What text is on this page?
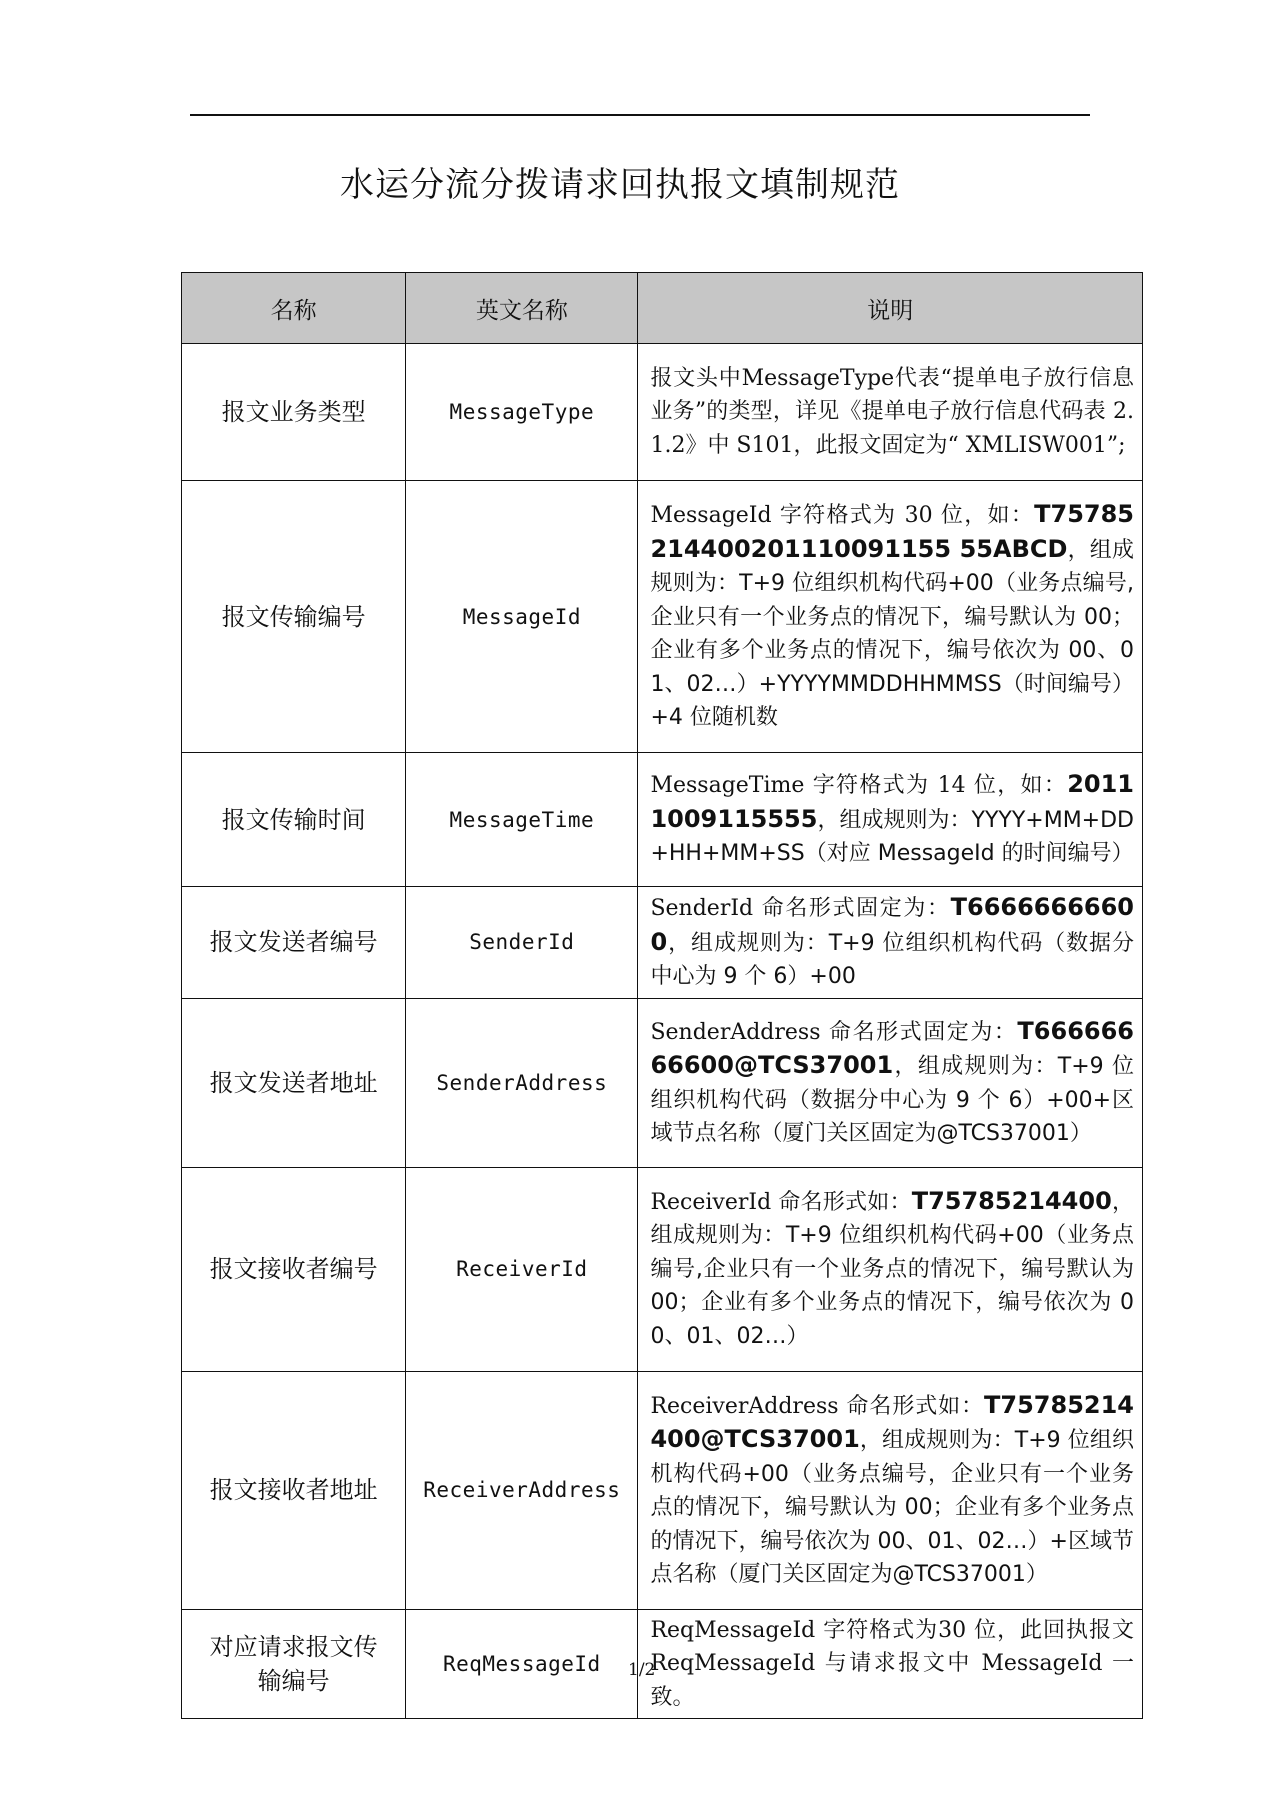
水运分流分拨请求回执报文填制规范
名称	英文名称	说明
报文业务类型	MessageType	报文头中MessageType代表“提单电子放行信息业务”的类型，详见《提单电子放行信息代码表 2.1.2》中 S101，此报文固定为“ XMLISW001”;
报文传输编号	MessageId	MessageId 字符格式为 30 位，如：T75785214400201110091155 55ABCD，组成规则为：T+9 位组织机构代码+00（业务点编号,企业只有一个业务点的情况下，编号默认为 00；企业有多个业务点的情况下，编号依次为 00、01、02…）+YYYYMMDDHHMMSS（时间编号）+4 位随机数
报文传输时间	MessageTime	MessageTime 字符格式为 14 位，如：20111009115555，组成规则为：YYYY+MM+DD+HH+MM+SS（对应 MessageId 的时间编号）
报文发送者编号	SenderId	SenderId 命名形式固定为：T66666666600，组成规则为：T+9 位组织机构代码（数据分中心为 9 个 6）+00
报文发送者地址	SenderAddress	SenderAddress 命名形式固定为：T66666666600@TCS37001，组成规则为：T+9 位组织机构代码（数据分中心为 9 个 6）+00+区域节点名称（厦门关区固定为@TCS37001）
报文接收者编号	ReceiverId	ReceiverId 命名形式如：T75785214400，组成规则为：T+9 位组织机构代码+00（业务点编号,企业只有一个业务点的情况下，编号默认为 00；企业有多个业务点的情况下，编号依次为 00、01、02…）
报文接收者地址	ReceiverAddress	ReceiverAddress 命名形式如：T75785214400@TCS37001，组成规则为：T+9 位组织机构代码+00（业务点编号，企业只有一个业务点的情况下，编号默认为 00；企业有多个业务点的情况下，编号依次为 00、01、02…）+区域节点名称（厦门关区固定为@TCS37001）
对应请求报文传输编号	ReqMessageId	ReqMessageId 字符格式为30 位，此回执报文 ReqMessageId 与请求报文中 MessageId 一致。
1/2
